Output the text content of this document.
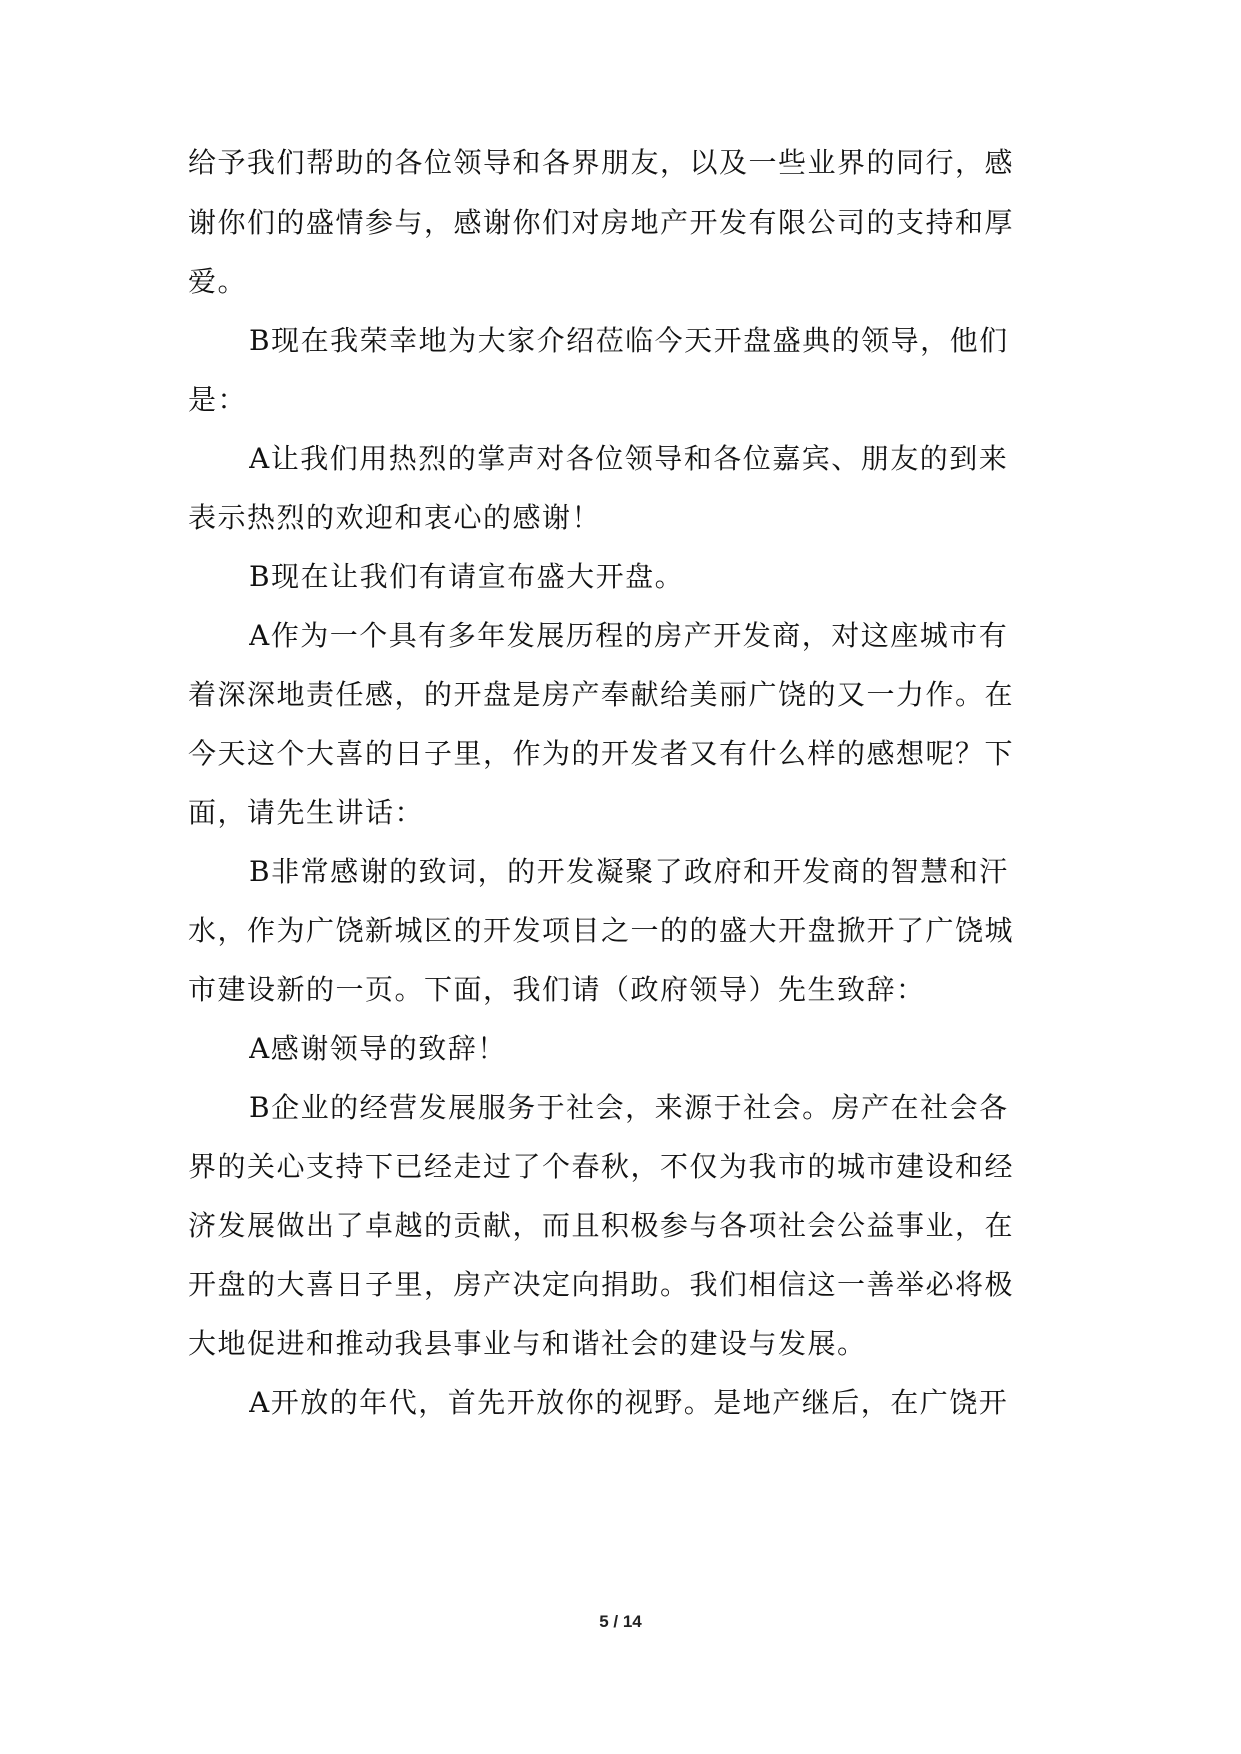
给予我们帮助的各位领导和各界朋友，以及一些业界的同行，感
谢你们的盛情参与，感谢你们对房地产开发有限公司的支持和厚
爱。
B现在我荣幸地为大家介绍莅临今天开盘盛典的领导，他们
是：
A让我们用热烈的掌声对各位领导和各位嘉宾、朋友的到来
表示热烈的欢迎和衷心的感谢！
B现在让我们有请宣布盛大开盘。
A作为一个具有多年发展历程的房产开发商，对这座城市有
着深深地责任感，的开盘是房产奉献给美丽广饶的又一力作。在
今天这个大喜的日子里，作为的开发者又有什么样的感想呢？下
面，请先生讲话：
B非常感谢的致词，的开发凝聚了政府和开发商的智慧和汗
水，作为广饶新城区的开发项目之一的的盛大开盘掀开了广饶城
市建设新的一页。下面，我们请（政府领导）先生致辞：
A感谢领导的致辞！
B企业的经营发展服务于社会，来源于社会。房产在社会各
界的关心支持下已经走过了个春秋，不仅为我市的城市建设和经
济发展做出了卓越的贡献，而且积极参与各项社会公益事业，在
开盘的大喜日子里，房产决定向捐助。我们相信这一善举必将极
大地促进和推动我县事业与和谐社会的建设与发展。
A开放的年代，首先开放你的视野。是地产继后，在广饶开
5 / 14
